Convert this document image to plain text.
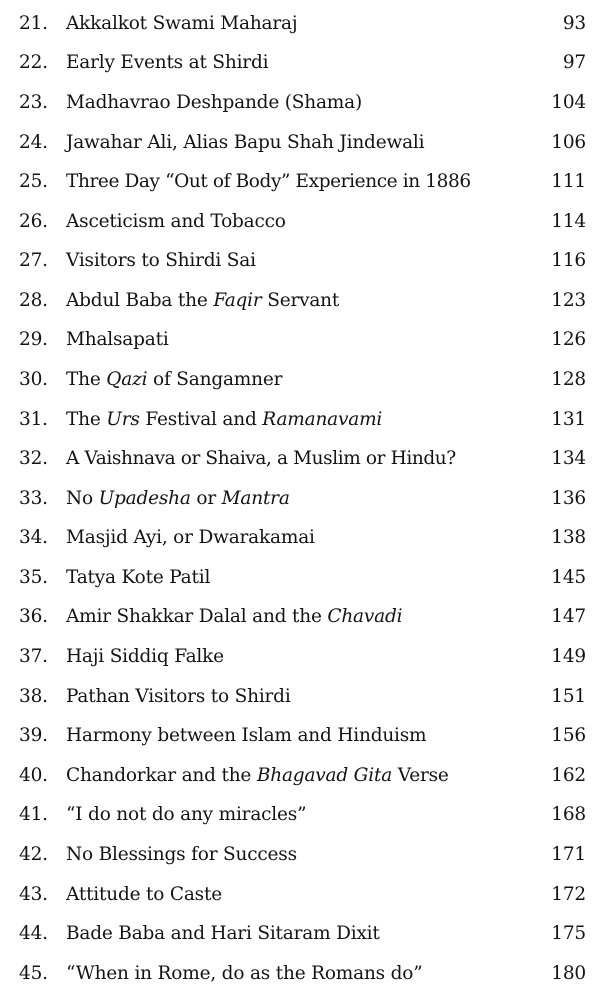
21. Akkalkot Swami Maharaj	93
22. Early Events at Shirdi	97
23. Madhavrao Deshpande (Shama)	104
24. Jawahar Ali, Alias Bapu Shah Jindewali	106
25. Three Day “Out of Body” Experience in 1886	111
26. Asceticism and Tobacco	114
27. Visitors to Shirdi Sai	116
28. Abdul Baba the Faqir Servant	123
29. Mhalsapati	126
30. The Qazi of Sangamner	128
31. The Urs Festival and Ramanavami	131
32. A Vaishnava or Shaiva, a Muslim or Hindu?	134
33. No Upadesha or Mantra	136
34. Masjid Ayi, or Dwarakamai	138
35. Tatya Kote Patil	145
36. Amir Shakkar Dalal and the Chavadi	147
37. Haji Siddiq Falke	149
38. Pathan Visitors to Shirdi	151
39. Harmony between Islam and Hinduism	156
40. Chandorkar and the Bhagavad Gita Verse	162
41. “I do not do any miracles”	168
42. No Blessings for Success	171
43. Attitude to Caste	172
44. Bade Baba and Hari Sitaram Dixit	175
45. “When in Rome, do as the Romans do”	180
